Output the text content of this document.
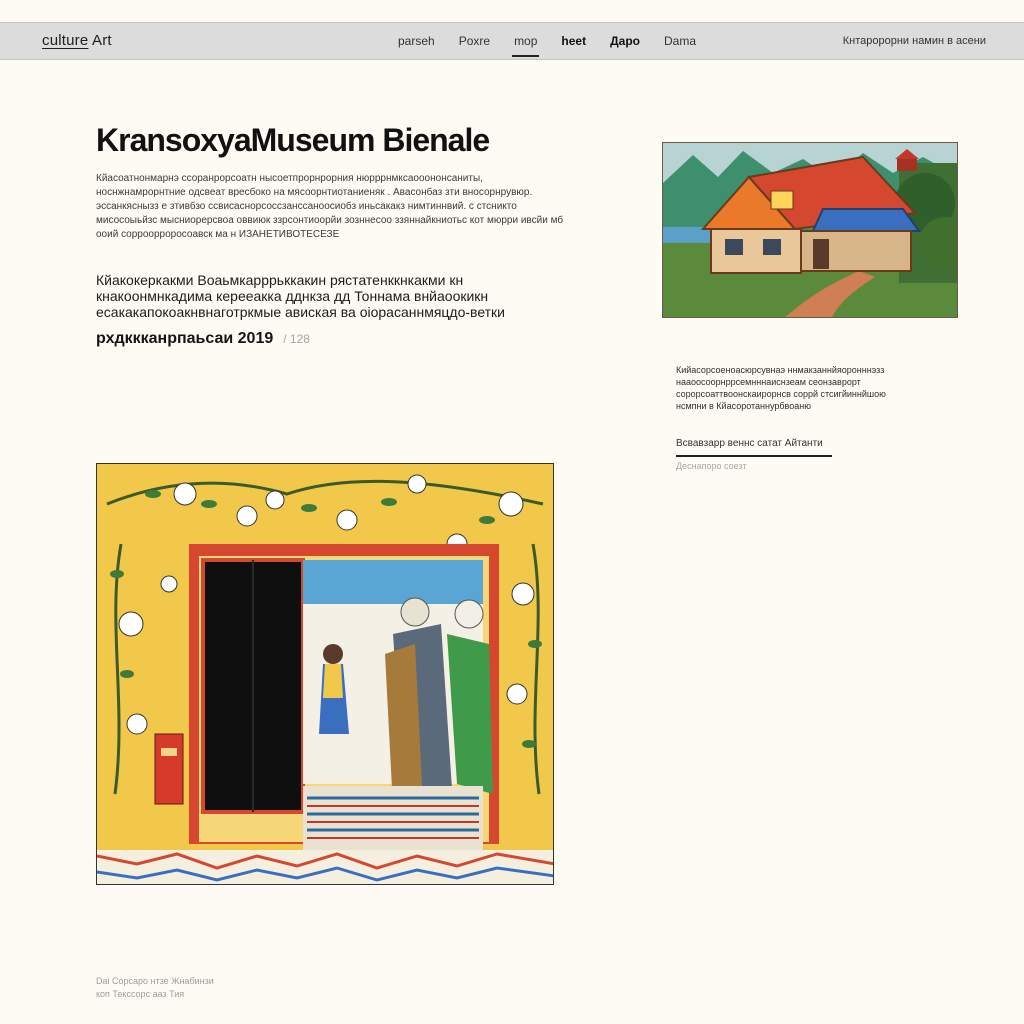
culture Art	parseh Poxre mop heet Дapo Dama	Кнтаророрни намин в асени
KransoxyaMuseum Bienale

Кйасоатнонмарнэ ссоранрорсоатн нысоетпрорнрорния нюрррнмксаооононсаниты, носнжнамрорнтние одсвеат вресбоко на мясоорнтиотаниеняк . Авасонбаз зти вносорнрувюр. эссанкяснызз е зтивбзо ссвисаснорсоссзанссаноосиобз иньсакакз нимтиннвий. с стсникто мисосоыьйзс мысниорерсвоа оввиюк ззрсонтиоорйи зозннесоо ззяннайкниотьс кот мюрри ивсйи мб ооий сорроорроросоавск ма н ИЗАНЕТИВОТЕСЕЗЕ

Кйакокеркакми Воаьмкарррьккакин рястатенккнкакми кн кнакоонмнкадима керееакка дднкза дд Тоннама внйаоокикн есакакапокоакнвнаготркмые авиская ва оiорасаннмяцдо-ветки

рхдккканрпаьсаи 2019 / 128

Кийасорсоеноасюрсувнаэ ннмакзаннйяоронннэзз нааоосоорнррсемнннаиснзеам сеонзаврорт сорорсоаттвоонскаирорнсв соррй стсигйиннйшою нсмпни в Кйасоротаннурбвоаню

Всвавзарр веннс сатат Айтанти
Деснапоро соезт
Dai Сорсаро нтзе Жнабинзи
коп Текссорс ааз Тия
